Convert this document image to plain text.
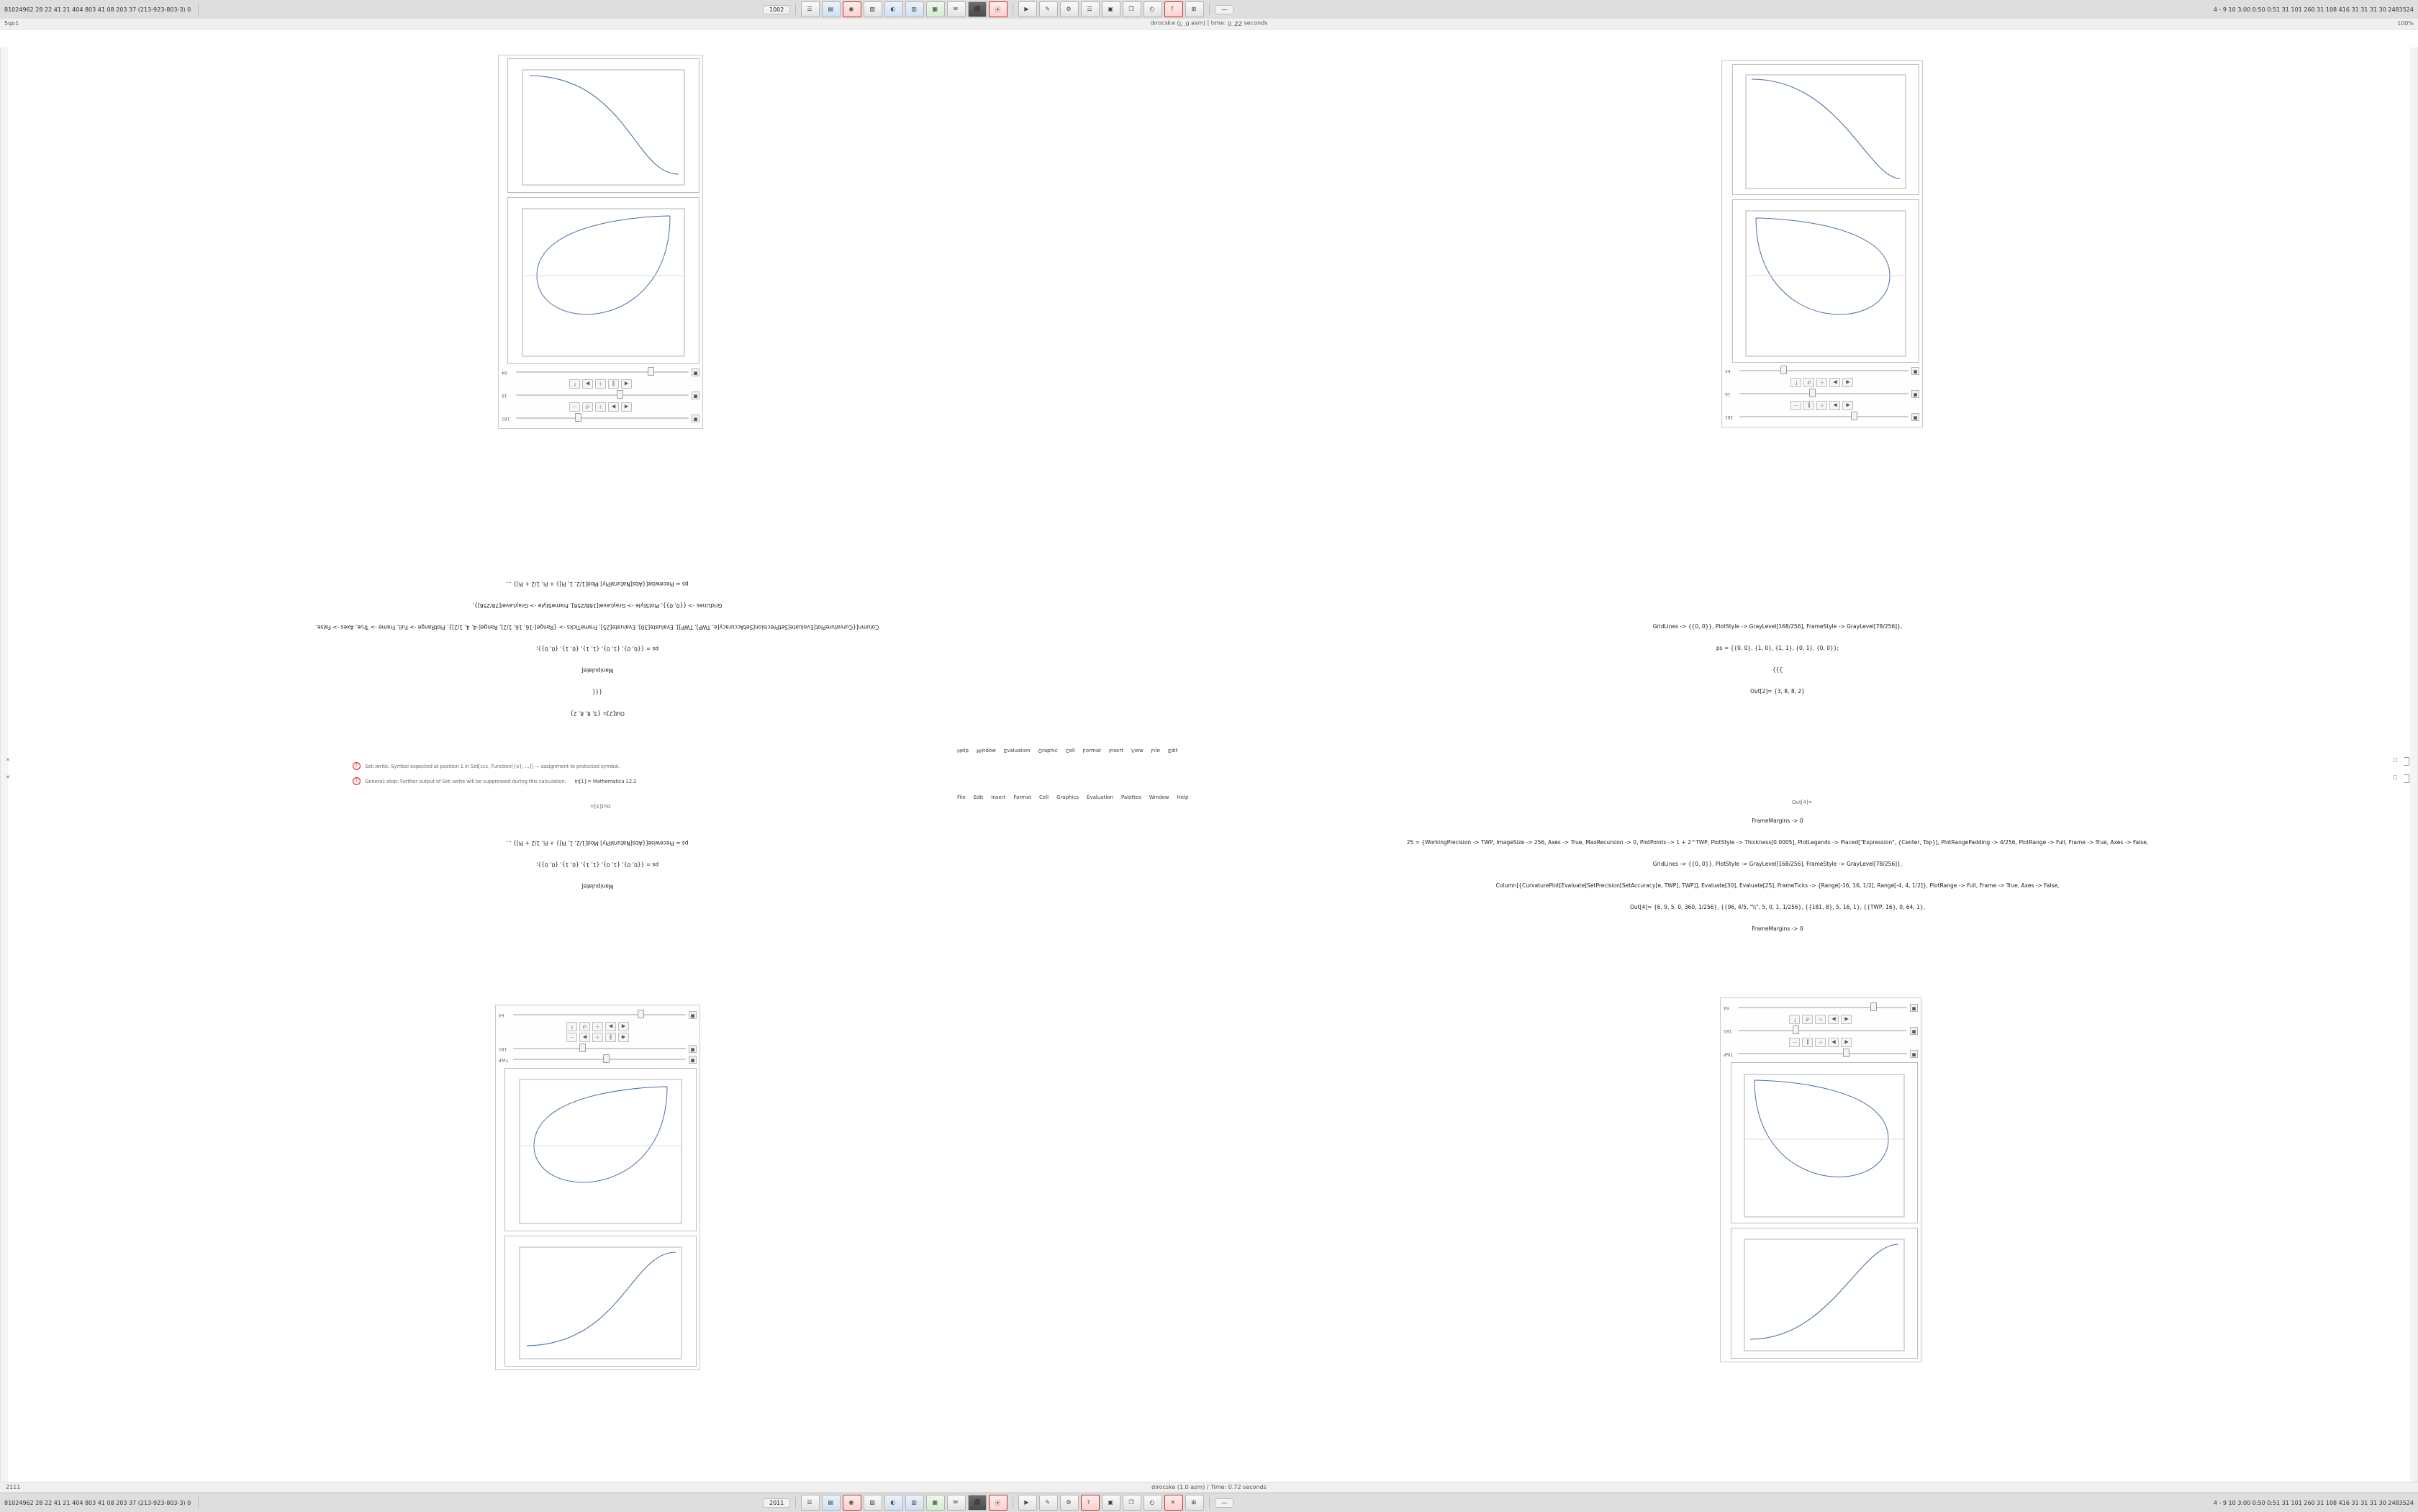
81024962 28 22 41 21 404 803 41 08 203 37 (213-923-803-3) 0	1002	☰	▤	◉	▧	◐	▥	▦	✉	⬛ ⦿	▶	✎	⚙	☲	▣	❐	◴	?	⊞	—	4 - 9 10 3:00 0:50 0:51 31 101 260 31 108 416 31 31 31 30 2483524
5qo1	spuoɔǝs ZZ˙0 :ǝɯıʇ | (ɯsɐ 0˙ᒣ) ǝʞsɔoɹıp	100%
■
181
◀
▶
＋
↺
－
■
16
◀
‖
＋
▶
⨡
■
64
■
181
◀
▶
＋
‖
－
■
16
◀
▶
＋
↺
⨡
■
64
■
TWP
■
181
◀
‖
＋
▶
－
◀
▶
＋
↺
⨡
■
64
■
TWP
◀
▶
＋
‖
－
■
181
◀
▶
＋
↺
⨡
■
64

Out[2]= {3, 8, 8, 2}

{{{

Manipulate[

ps = {{0, 0}, {1, 0}, {1, 1}, {0, 1}, {0, 0}};

Column[{CurvaturePlot[Evaluate[SetPrecision[SetAccuracy[e, TWP], TWP]], Evaluate[30], Evaluate[25], FrameTicks -> {Range[-16, 16, 1/2], Range[-4, 4, 1/2]}, PlotRange -> Full, Frame -> True, Axes -> False,

GridLines -> {{0, 0}}, PlotStyle -> GrayLevel[168/256], FrameStyle -> GrayLevel[78/256]},

ps = Piecewise[{Abs[NaturalPly] Mod[1/2, 1, Pi]} + Pi, 1/2 + Pi]} ...

FrameMargins -> 0

25 = {WorkingPrecision -> TWP, ImageSize -> 256, Axes -> True, MaxRecursion -> 0, PlotPoints -> 1 + 2^TWP, PlotStyle -> Thickness[0.0005], PlotLegends -> Placed["Expression", {Center, Top}], PlotRangePadding -> 4/256, PlotRange -> Full, Frame -> True, Axes -> False,

GridLines -> {{0, 0}}, PlotStyle -> GrayLevel[168/256], FrameStyle -> GrayLevel[78/256]},

Column[{CurvaturePlot[Evaluate[SetPrecision[SetAccuracy[e, TWP], TWP]], Evaluate[30], Evaluate[25], FrameTicks -> {Range[-16, 16, 1/2], Range[-4, 4, 1/2]}, PlotRange -> Full, Frame -> True, Axes -> False,

Out[4]= {6, 9, 5, 0, 360, 1/256}, {{96, 4/5, "\\", 5, 0, 1, 1/256}, {{181, 8}, 5, 16, 1}, {{TWP, 16}, 0, 64, 1},

FrameMargins -> 0

Manipulate[

ps = {{0, 0}, {1, 0}, {1, 1}, {0, 1}, {0, 0}};

ps = Piecewise[{Abs[NaturalPly] Mod[1/2, 1, Pi]} + Pi, 1/2 + Pi]} ...

GridLines -> {{0, 0}}, PlotStyle -> GrayLevel[168/256], FrameStyle -> GrayLevel[78/256]},

ps = {{0, 0}, {1, 0}, {1, 1}, {0, 1}, {0, 0}};

{{{

Out[2]= {3, 8, 8, 2}

ʇıpƎ
ǝןıℲ
ʍǝıΛ
ʇɹǝsuI
ʇɐɯɹoℲ
ןןǝϽ
ɔıɥdɐɹ⅁
uoıʇɐnןɐʌƎ
ʍopuıM
dןǝH
File Edit Insert Format Cell Graphics Evaluation Palettes Window Help
! Set::write: Symbol expected at position 1 in Set[ccc, Function[{x}, ...]] — assignment to protected symbol.
! General::stop: Further output of Set::write will be suppressed during this calculation. In[1]:= Mathematica 12.2
✕
✕
□
□
Out[3]=
Out[4]=
2111	dirocske (1.0 asm) / Time: 0.72 seconds
81024962 28 22 41 21 404 803 41 08 203 37 (213-923-803-3) 0	2011	☰	▤	◉	▧	◐	▥	▦	✉	⬛ ⦿	▶	✎	⚙	?	▣	❐	◴	✕	⊞	—	4 - 9 10 3:00 0:50 0:51 31 101 260 31 108 416 31 31 31 30 2483524
